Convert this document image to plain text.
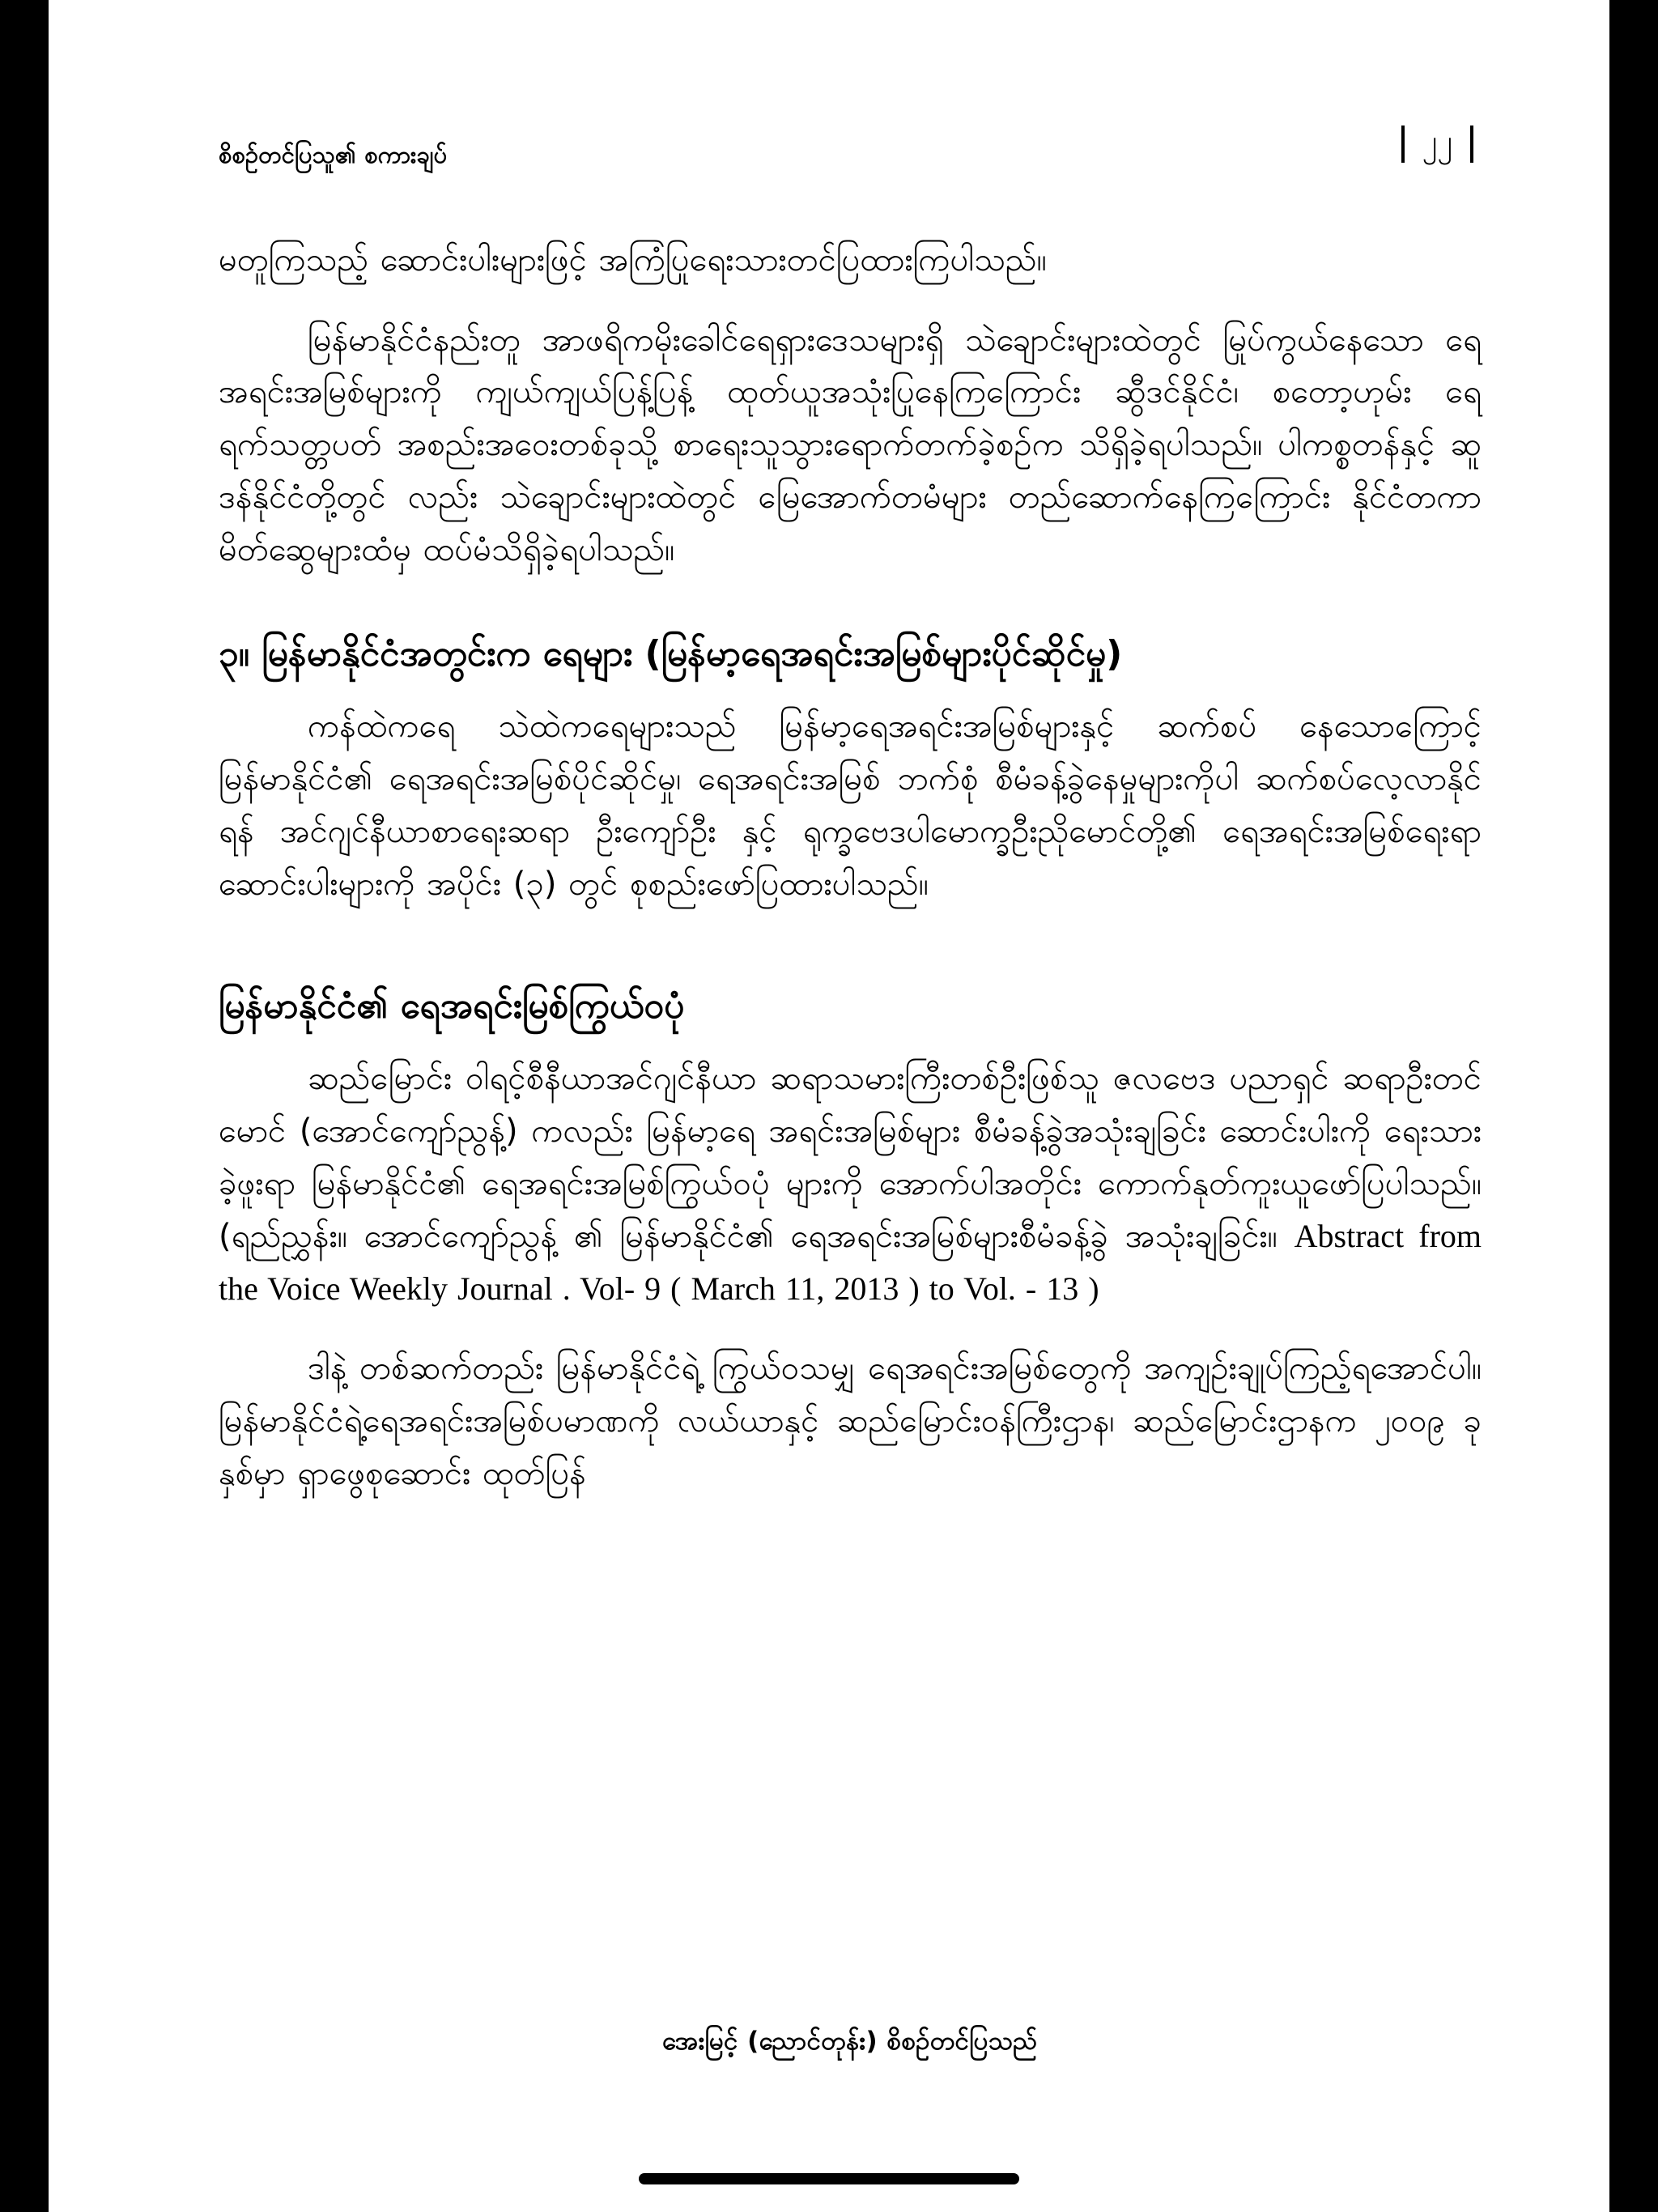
စိစဉ်တင်ပြသူ၏ စကားချပ်	၂၂

မတူကြသည့် ဆောင်းပါးများဖြင့် အကြံပြုရေးသားတင်ပြထားကြပါသည်။

မြန်မာနိုင်ငံနည်းတူ အာဖရိကမိုးခေါင်ရေရှားဒေသများရှိ သဲချောင်းများထဲတွင် မြုပ်ကွယ်နေသော ရေအရင်းအမြစ်များကို ကျယ်ကျယ်ပြန့်ပြန့် ထုတ်ယူအသုံးပြုနေကြကြောင်း ဆွီဒင်နိုင်ငံ၊ စတော့ဟုမ်း ရေရက်သတ္တပတ် အစည်းအဝေးတစ်ခုသို့ စာရေးသူသွားရောက်တက်ခဲ့စဉ်က သိရှိခဲ့ရပါသည်။ ပါကစ္စတန်နှင့် ဆူဒန်နိုင်ငံတို့တွင် လည်း သဲချောင်းများထဲတွင် မြေအောက်တမံများ တည်ဆောက်နေကြကြောင်း နိုင်ငံတကာ မိတ်ဆွေများထံမှ ထပ်မံသိရှိခဲ့ရပါသည်။

၃။ မြန်မာနိုင်ငံအတွင်းက ရေများ (မြန်မာ့ရေအရင်းအမြစ်များပိုင်ဆိုင်မှု)

ကန်ထဲကရေ သဲထဲကရေများသည် မြန်မာ့ရေအရင်းအမြစ်များနှင့် ဆက်စပ် နေသောကြောင့် မြန်မာနိုင်ငံ၏ ရေအရင်းအမြစ်ပိုင်ဆိုင်မှု၊ ရေအရင်းအမြစ် ဘက်စုံ စီမံခန့်ခွဲနေမှုများကိုပါ ဆက်စပ်လေ့လာနိုင်ရန် အင်ဂျင်နီယာစာရေးဆရာ ဦးကျော်ဦး နှင့် ရုက္ခဗေဒပါမောက္ခဦးညိုမောင်တို့၏ ရေအရင်းအမြစ်ရေးရာ ဆောင်းပါးများကို အပိုင်း (၃) တွင် စုစည်းဖော်ပြထားပါသည်။

မြန်မာနိုင်ငံ၏ ရေအရင်းမြစ်ကြွယ်ဝပုံ

ဆည်မြောင်း ဝါရင့်စီနီယာအင်ဂျင်နီယာ ဆရာသမားကြီးတစ်ဦးဖြစ်သူ ဇလဗေဒ ပညာရှင် ဆရာဦးတင်မောင် (အောင်ကျော်ညွန့်) ကလည်း မြန်မာ့ရေ အရင်းအမြစ်များ စီမံခန့်ခွဲအသုံးချခြင်း ဆောင်းပါးကို ရေးသားခဲ့ဖူးရာ မြန်မာနိုင်ငံ၏ ရေအရင်းအမြစ်ကြွယ်ဝပုံ များကို အောက်ပါအတိုင်း ကောက်နုတ်ကူးယူဖော်ပြပါသည်။ (ရည်ညွှန်း။ အောင်ကျော်ညွန့် ၏ မြန်မာနိုင်ငံ၏ ရေအရင်းအမြစ်များစီမံခန့်ခွဲ အသုံးချခြင်း။ Abstract from the Voice Weekly Journal . Vol- 9 ( March 11, 2013 ) to Vol. - 13 )

ဒါနဲ့ တစ်ဆက်တည်း မြန်မာနိုင်ငံရဲ့ ကြွယ်ဝသမျှ ရေအရင်းအမြစ်တွေကို အကျဉ်းချုပ်ကြည့်ရအောင်ပါ။ မြန်မာနိုင်ငံရဲ့ရေအရင်းအမြစ်ပမာဏကို လယ်ယာနှင့် ဆည်မြောင်းဝန်ကြီးဌာန၊ ဆည်မြောင်းဌာနက ၂၀၀၉ ခုနှစ်မှာ ရှာဖွေစုဆောင်း ထုတ်ပြန်

အေးမြင့် (ညောင်တုန်း) စိစဉ်တင်ပြသည်
